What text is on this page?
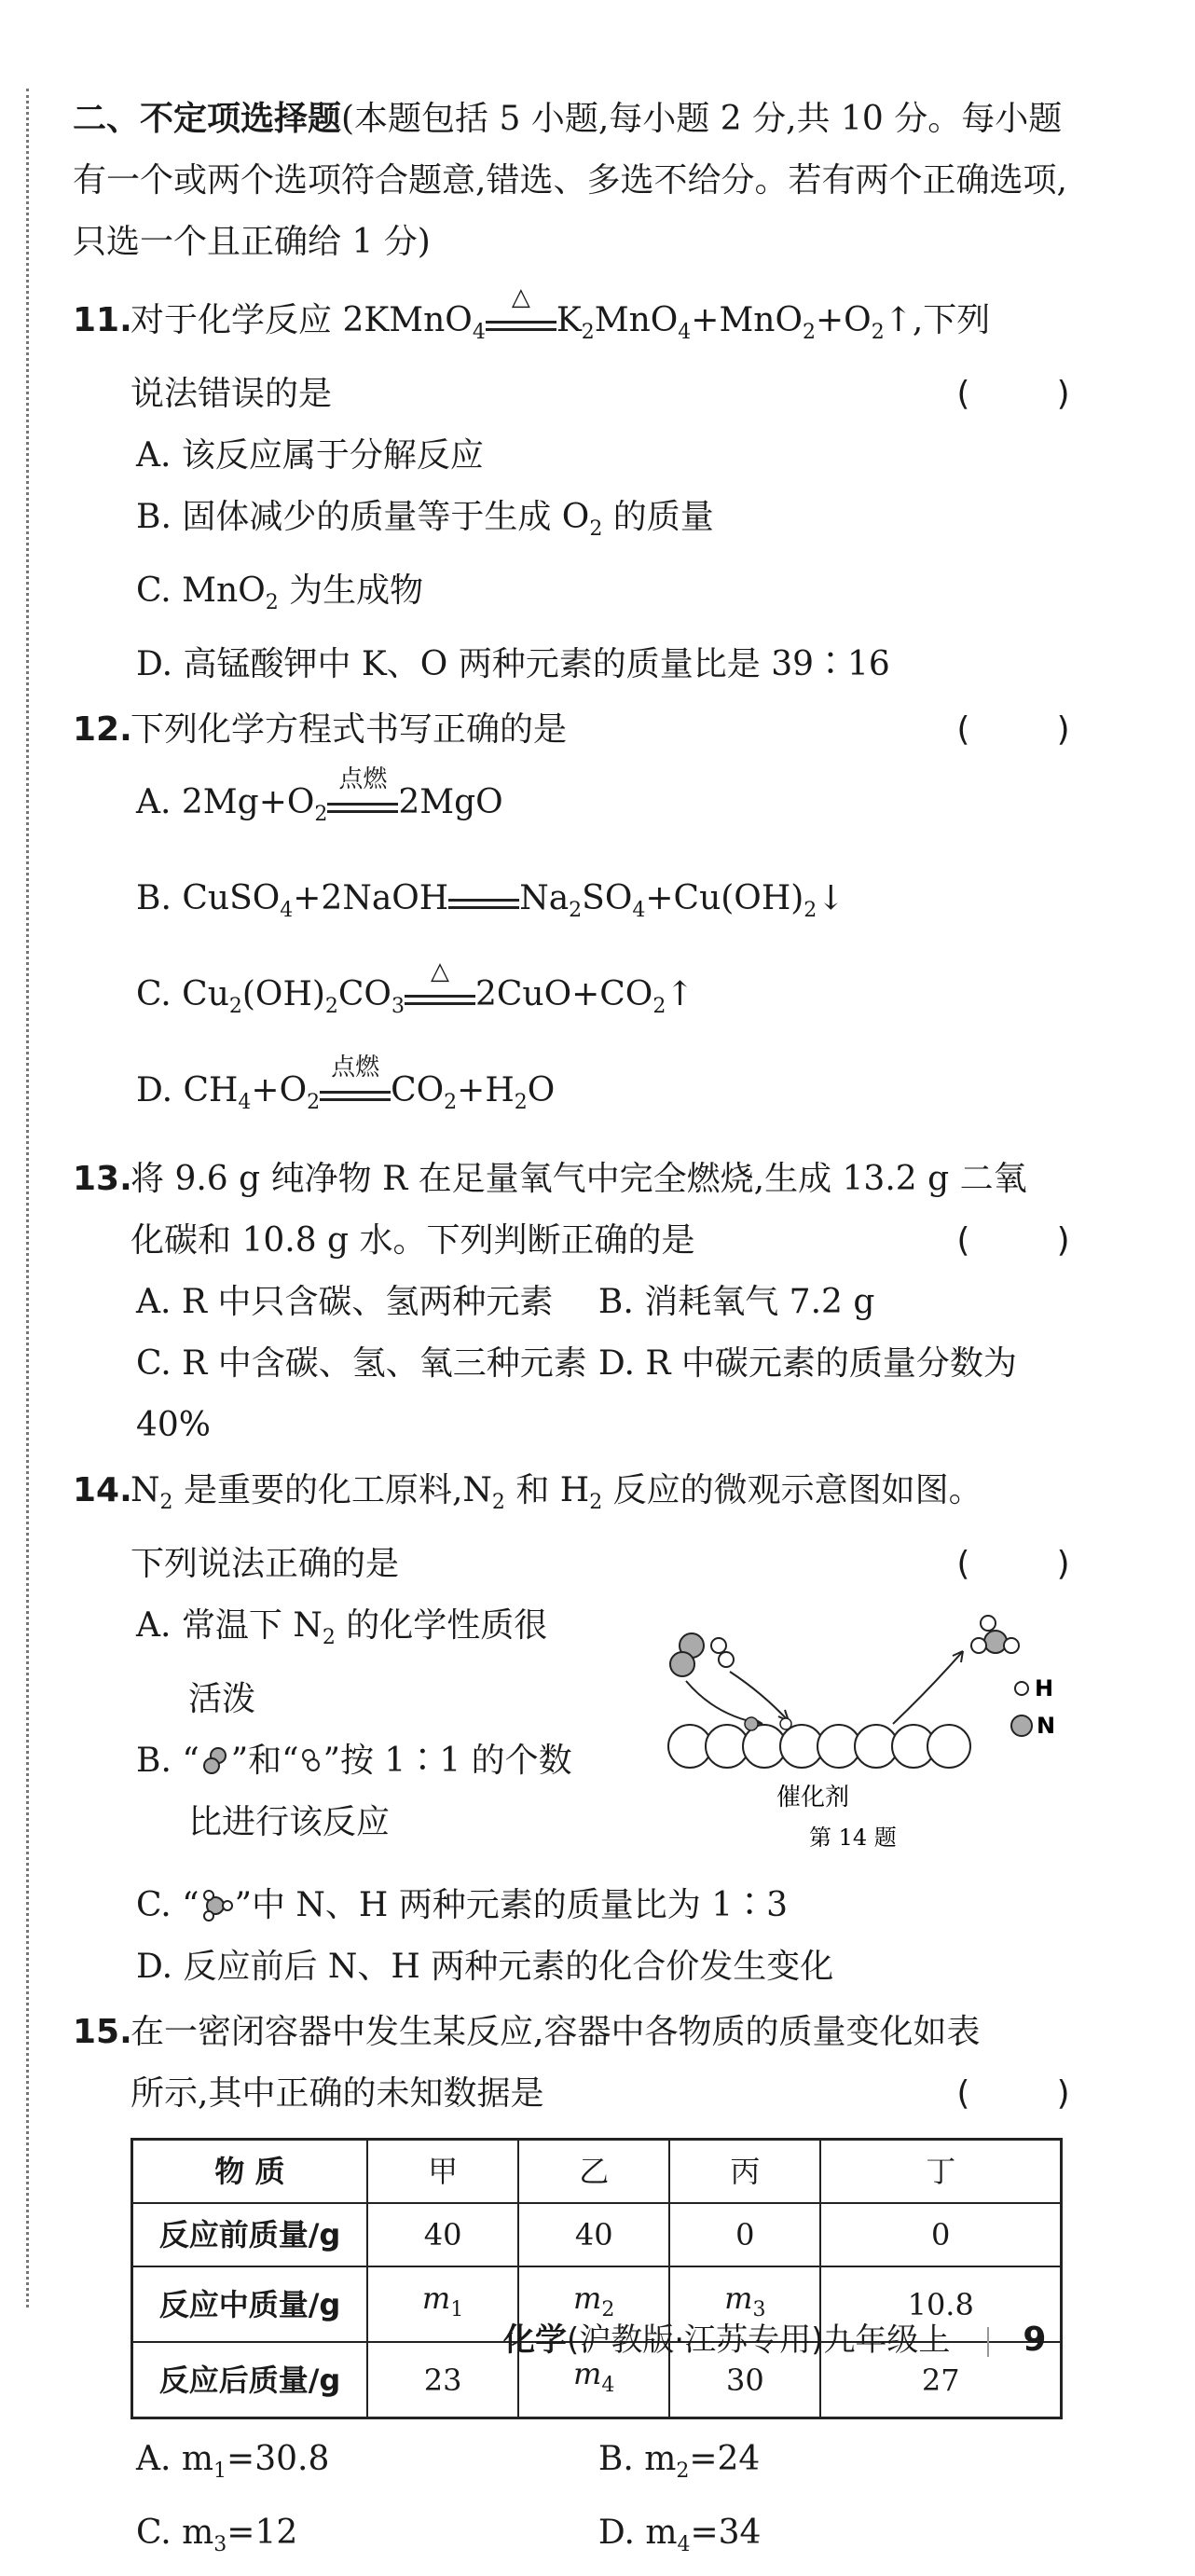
二、不定项选择题(本题包括 5 小题,每小题 2 分,共 10 分。每小题有一个或两个选项符合题意,错选、多选不给分。若有两个正确选项,只选一个且正确给 1 分)
11.
对于化学反应 2KMnO$_4$
△
$K_2MnO_4+MnO_2+O_2↑$,下列
说法错误的是	(    )
A. 该反应属于分解反应
B. 固体减少的质量等于生成 $O_2$ 的质量
C. MnO$_2$ 为生成物
D. 高锰酸钾中 K、O 两种元素的质量比是 39∶16
12.
下列化学方程式书写正确的是	(    )
A. $2Mg+O_2$
点燃
2MgO
B. CuSO$_4$+2NaOH $Na_2SO_4+Cu(OH)_2↓$
C. $Cu_2(OH)_2CO_3$
△
$2CuO+CO_2↑$
D. $CH_4+O_2$
点燃
$CO_2+H_2O$
13.
将 9.6 g 纯净物 R 在足量氧气中完全燃烧,生成 13.2 g 二氧
化碳和 10.8 g 水。下列判断正确的是	(    )
A. R 中只含碳、氢两种元素 B. 消耗氧气 7.2 g
C. R 中含碳、氢、氧三种元素 D. R 中碳元素的质量分数为 40%
14.
$N_2$ 是重要的化工原料$,N_2$ 和 $H_2$ 反应的微观示意图如图。
下列说法正确的是	(    )
A. 常温下 $N_2$ 的化学性质很
活泼
B. “ ”和“ ”按 1∶1 的个数
比进行该反应
H
N
催化剂
第 14 题
C. “ ”中 N、H 两种元素的质量比为 1∶3
D. 反应前后 N、H 两种元素的化合价发生变化
15.
在一密闭容器中发生某反应,容器中各物质的质量变化如表
所示,其中正确的未知数据是	(    )
物 质	甲	乙	丙	丁
反应前质量/g	40	40	0	0
反应中质量/g	$m_1$	$m_2$	$m_3$	10.8
反应后质量/g	23	$m_4$	30	27
A. $m_1=30.8$	B. $m_2=24$
C. $m_3=12$	D. $m_4=34$
化学(沪教版·江苏专用)九年级上 9
